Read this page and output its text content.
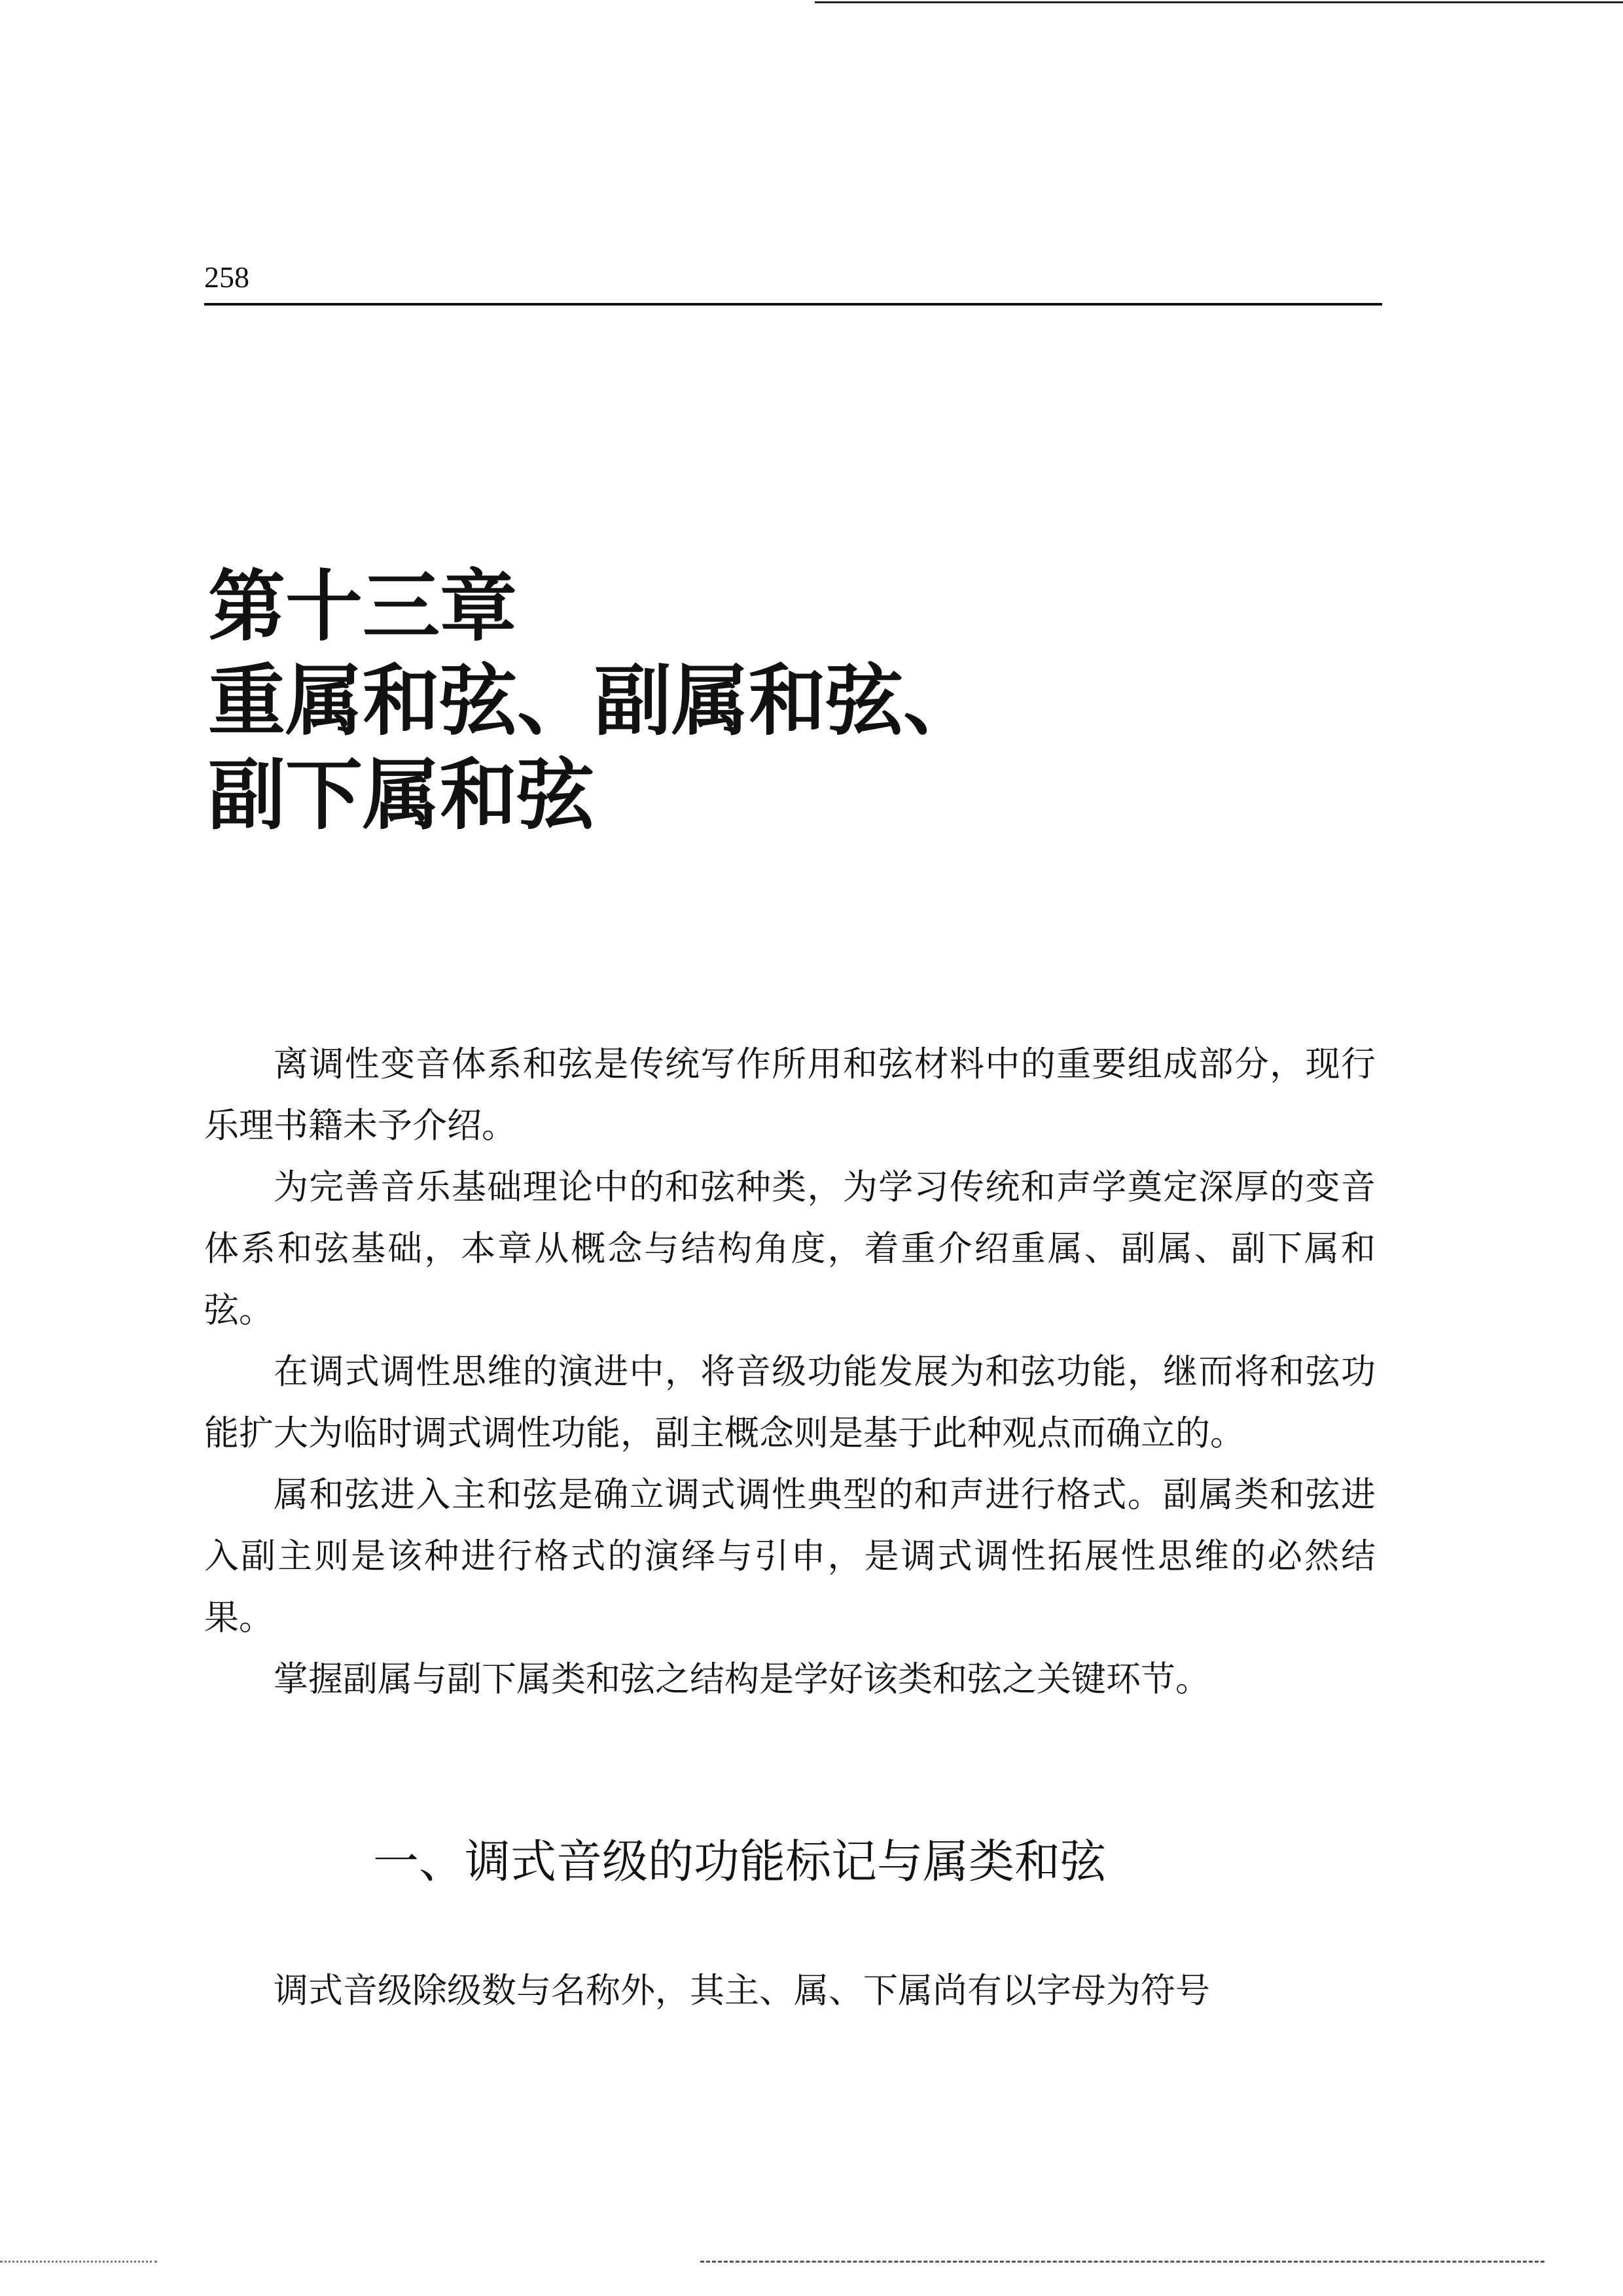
258
第十三章
重属和弦、副属和弦、
副下属和弦

离调性变音体系和弦是传统写作所用和弦材料中的重要组成部分，现行乐理书籍未予介绍。

为完善音乐基础理论中的和弦种类，为学习传统和声学奠定深厚的变音体系和弦基础，本章从概念与结构角度，着重介绍重属、副属、副下属和弦。

在调式调性思维的演进中，将音级功能发展为和弦功能，继而将和弦功能扩大为临时调式调性功能，副主概念则是基于此种观点而确立的。

属和弦进入主和弦是确立调式调性典型的和声进行格式。副属类和弦进入副主则是该种进行格式的演绎与引申，是调式调性拓展性思维的必然结果。

掌握副属与副下属类和弦之结构是学好该类和弦之关键环节。

一、调式音级的功能标记与属类和弦

调式音级除级数与名称外，其主、属、下属尚有以字母为符号
